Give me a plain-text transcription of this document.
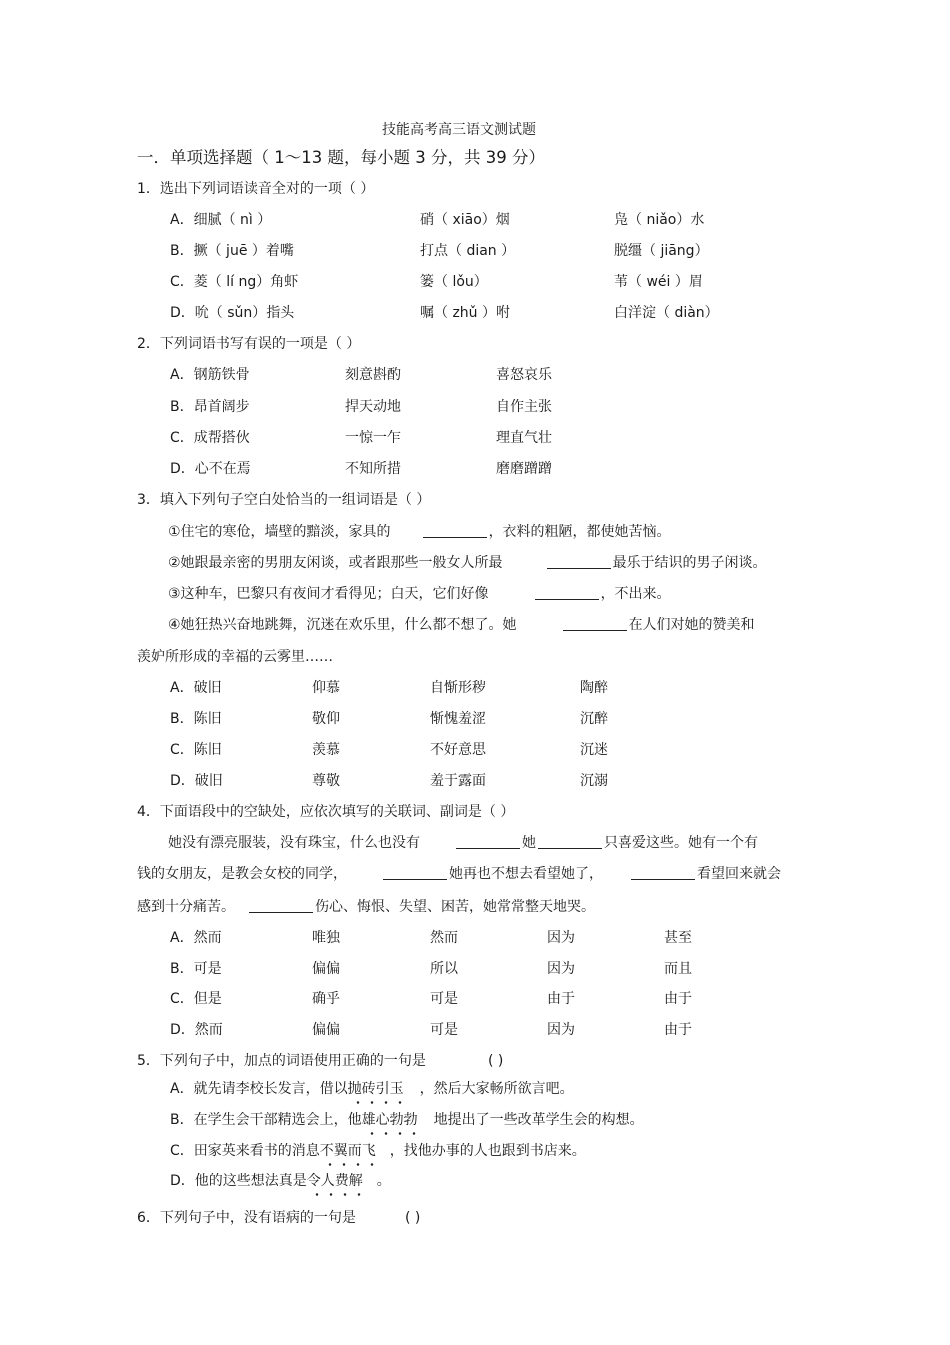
技能高考高三语文测试题
一．单项选择题（ 1～13 题，每小题 3 分，共 39 分）
1．选出下列词语读音全对的一项（ ）
A．细腻（ nì ）	硝（ xiāo）烟	凫（ niǎo）水
B．撅（ juē ）着嘴	打点（ dian ）	脱缰（ jiāng）
C．菱（ lí ng）角虾	篓（ lǒu）	苇（ wéi ）眉
D．吮（ sǔn）指头	嘱（ zhǔ ）咐	白洋淀（ diàn）
2．下列词语书写有误的一项是（ ）
A．钢筋铁骨	刻意斟酌	喜怒哀乐
B．昂首阔步	捍天动地	自作主张
C．成帮搭伙	一惊一乍	理直气壮
D．心不在焉	不知所措	磨磨蹭蹭
3．填入下列句子空白处恰当的一组词语是（ ）
①住宅的寒伧，墙壁的黯淡，家具的	，衣料的粗陋，都使她苦恼。
②她跟最亲密的男朋友闲谈，或者跟那些一般女人所最	最乐于结识的男子闲谈。
③这种车，巴黎只有夜间才看得见；白天，它们好像	，不出来。
④她狂热兴奋地跳舞，沉迷在欢乐里，什么都不想了。她	在人们对她的赞美和
羡妒所形成的幸福的云雾里……
A．破旧	仰慕	自惭形秽	陶醉
B．陈旧	敬仰	惭愧羞涩	沉醉
C．陈旧	羡慕	不好意思	沉迷
D．破旧	尊敬	羞于露面	沉溺
4．下面语段中的空缺处，应依次填写的关联词、副词是（ ）
她没有漂亮服装，没有珠宝，什么也没有	她	只喜爱这些。她有一个有
钱的女朋友，是教会女校的同学，	她再也不想去看望她了，	看望回来就会
感到十分痛苦。	伤心、悔恨、失望、困苦，她常常整天地哭。
A．然而	唯独	然而	因为	甚至
B．可是	偏偏	所以	因为	而且
C．但是	确乎	可是	由于	由于
D．然而	偏偏	可是	因为	由于
5．下列句子中，加点的词语使用正确的一句是	( )
A．就先请李校长发言，借以抛砖引玉 ，然后大家畅所欲言吧。
B．在学生会干部精选会上，他雄心勃勃 地提出了一些改革学生会的构想。
C．田家英来看书的消息不翼而飞 ，找他办事的人也跟到书店来。
D．他的这些想法真是令人费解 。
6．下列句子中，没有语病的一句是	( )
